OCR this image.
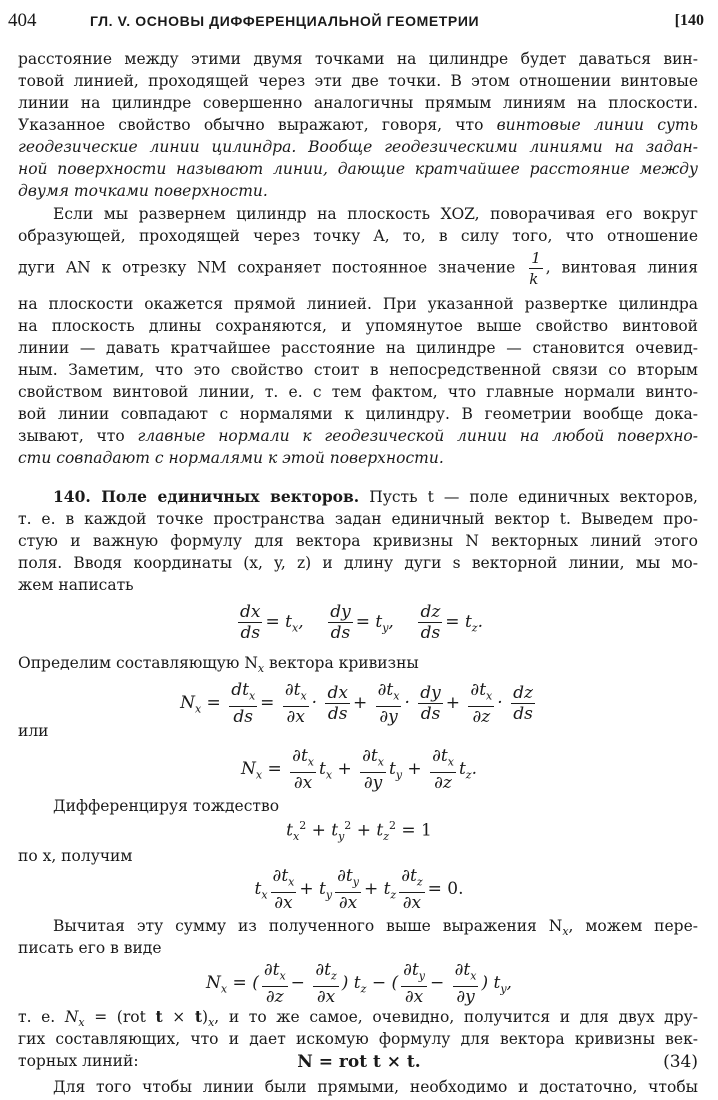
404	ГЛ. V. ОСНОВЫ ДИФФЕРЕНЦИАЛЬНОЙ ГЕОМЕТРИИ	[140
расстояние между этими двумя точками на цилиндре будет даваться вин-
товой линией, проходящей через эти две точки. В этом отношении винтовые
линии на цилиндре совершенно аналогичны прямым линиям на плоскости.
Указанное свойство обычно выражают, говоря, что винтовые линии суть
геодезические линии цилиндра. Вообще геодезическими линиями на задан-
ной поверхности называют линии, дающие кратчайшее расстояние между
двумя точками поверхности.
Если мы развернем цилиндр на плоскость XOZ, поворачивая его вокруг
образующей, проходящей через точку A, то, в силу того, что отношение
дуги AN к отрезку NM сохраняет постоянное значение $\frac{1}{k}$ , винтовая линия
на плоскости окажется прямой линией. При указанной развертке цилиндра
на плоскость длины сохраняются, и упомянутое выше свойство винтовой
линии — давать кратчайшее расстояние на цилиндре — становится очевид-
ным. Заметим, что это свойство стоит в непосредственной связи со вторым
свойством винтовой линии, т. е. с тем фактом, что главные нормали винто-
вой линии совпадают с нормалями к цилиндру. В геометрии вообще дока-
зывают, что главные нормали к геодезической линии на любой поверхно-
сти совпадают с нормалями к этой поверхности.
140. Поле единичных векторов. Пусть t — поле единичных векторов,
т. е. в каждой точке пространства задан единичный вектор t. Выведем про-
стую и важную формулу для вектора кривизны N векторных линий этого
поля. Вводя координаты (x, y, z) и длину дуги s векторной линии, мы мо-
жем написать
$\frac{dx}{ds} = t_x$, $\frac{dy}{ds} = t_y$, $\frac{dz}{ds} = t_z$.
Определим составляющую $N_x$ вектора кривизны
$N_x = \frac{dt_x}{ds} = \frac{\partial t_x}{\partial x} \cdot \frac{dx}{ds} + \frac{\partial t_x}{\partial y} \cdot \frac{dy}{ds} + \frac{\partial t_x}{\partial z} \cdot \frac{dz}{ds}$
или
$N_x = \frac{\partial t_x}{\partial x} t_x + \frac{\partial t_x}{\partial y} t_y + \frac{\partial t_x}{\partial z} t_z$.
Дифференцируя тождество
$t_x^2 + t_y^2 + t_z^2 = 1$
по x, получим
$t_x \frac{\partial t_x}{\partial x} + t_y \frac{\partial t_y}{\partial x} + t_z \frac{\partial t_z}{\partial x} = 0$.
Вычитая эту сумму из полученного выше выражения $N_x$, можем пере-
писать его в виде
$N_x$ = ( $\frac{\partial t_x}{\partial z} - \frac{\partial t_z}{\partial x}$ ) $t_z$ − ( $\frac{\partial t_y}{\partial x} - \frac{\partial t_x}{\partial y}$ ) $t_y$,
т. е. $N_x = (rot$ $t \times t)_x$, и то же самое, очевидно, получится и для двух дру-
гих составляющих, что и дает искомую формулу для вектора кривизны век-
торных линий:	N = rot t × t.	(34)
Для того чтобы линии были прямыми, необходимо и достаточно, чтобы
